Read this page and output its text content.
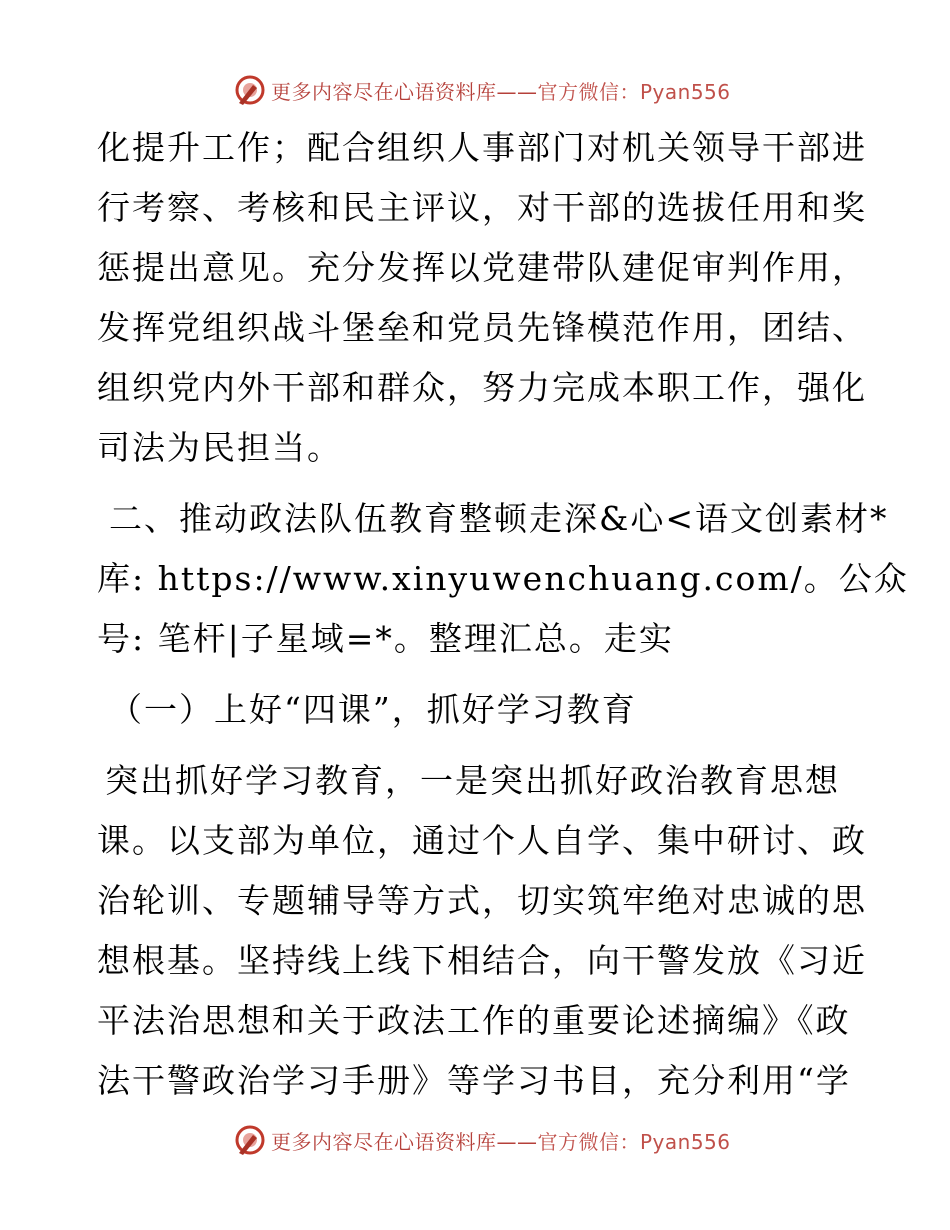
更多内容尽在心语资料库——官方微信：Pyan556
化提升工作；配合组织人事部门对机关领导干部进
行考察、考核和民主评议，对干部的选拔任用和奖
惩提出意见。充分发挥以党建带队建促审判作用，
发挥党组织战斗堡垒和党员先锋模范作用，团结、
组织党内外干部和群众，努力完成本职工作，强化
司法为民担当。
二、推动政法队伍教育整顿走深&心<语文创素材*
库: https://www.xinyuwenchuang.com/。公众
号: 笔杆|子星域=*。整理汇总。走实
（一）上好“四课”，抓好学习教育
突出抓好学习教育，一是突出抓好政治教育思想
课。以支部为单位，通过个人自学、集中研讨、政
治轮训、专题辅导等方式，切实筑牢绝对忠诚的思
想根基。坚持线上线下相结合，向干警发放《习近
平法治思想和关于政法工作的重要论述摘编》《政
法干警政治学习手册》等学习书目，充分利用“学
更多内容尽在心语资料库——官方微信：Pyan556
